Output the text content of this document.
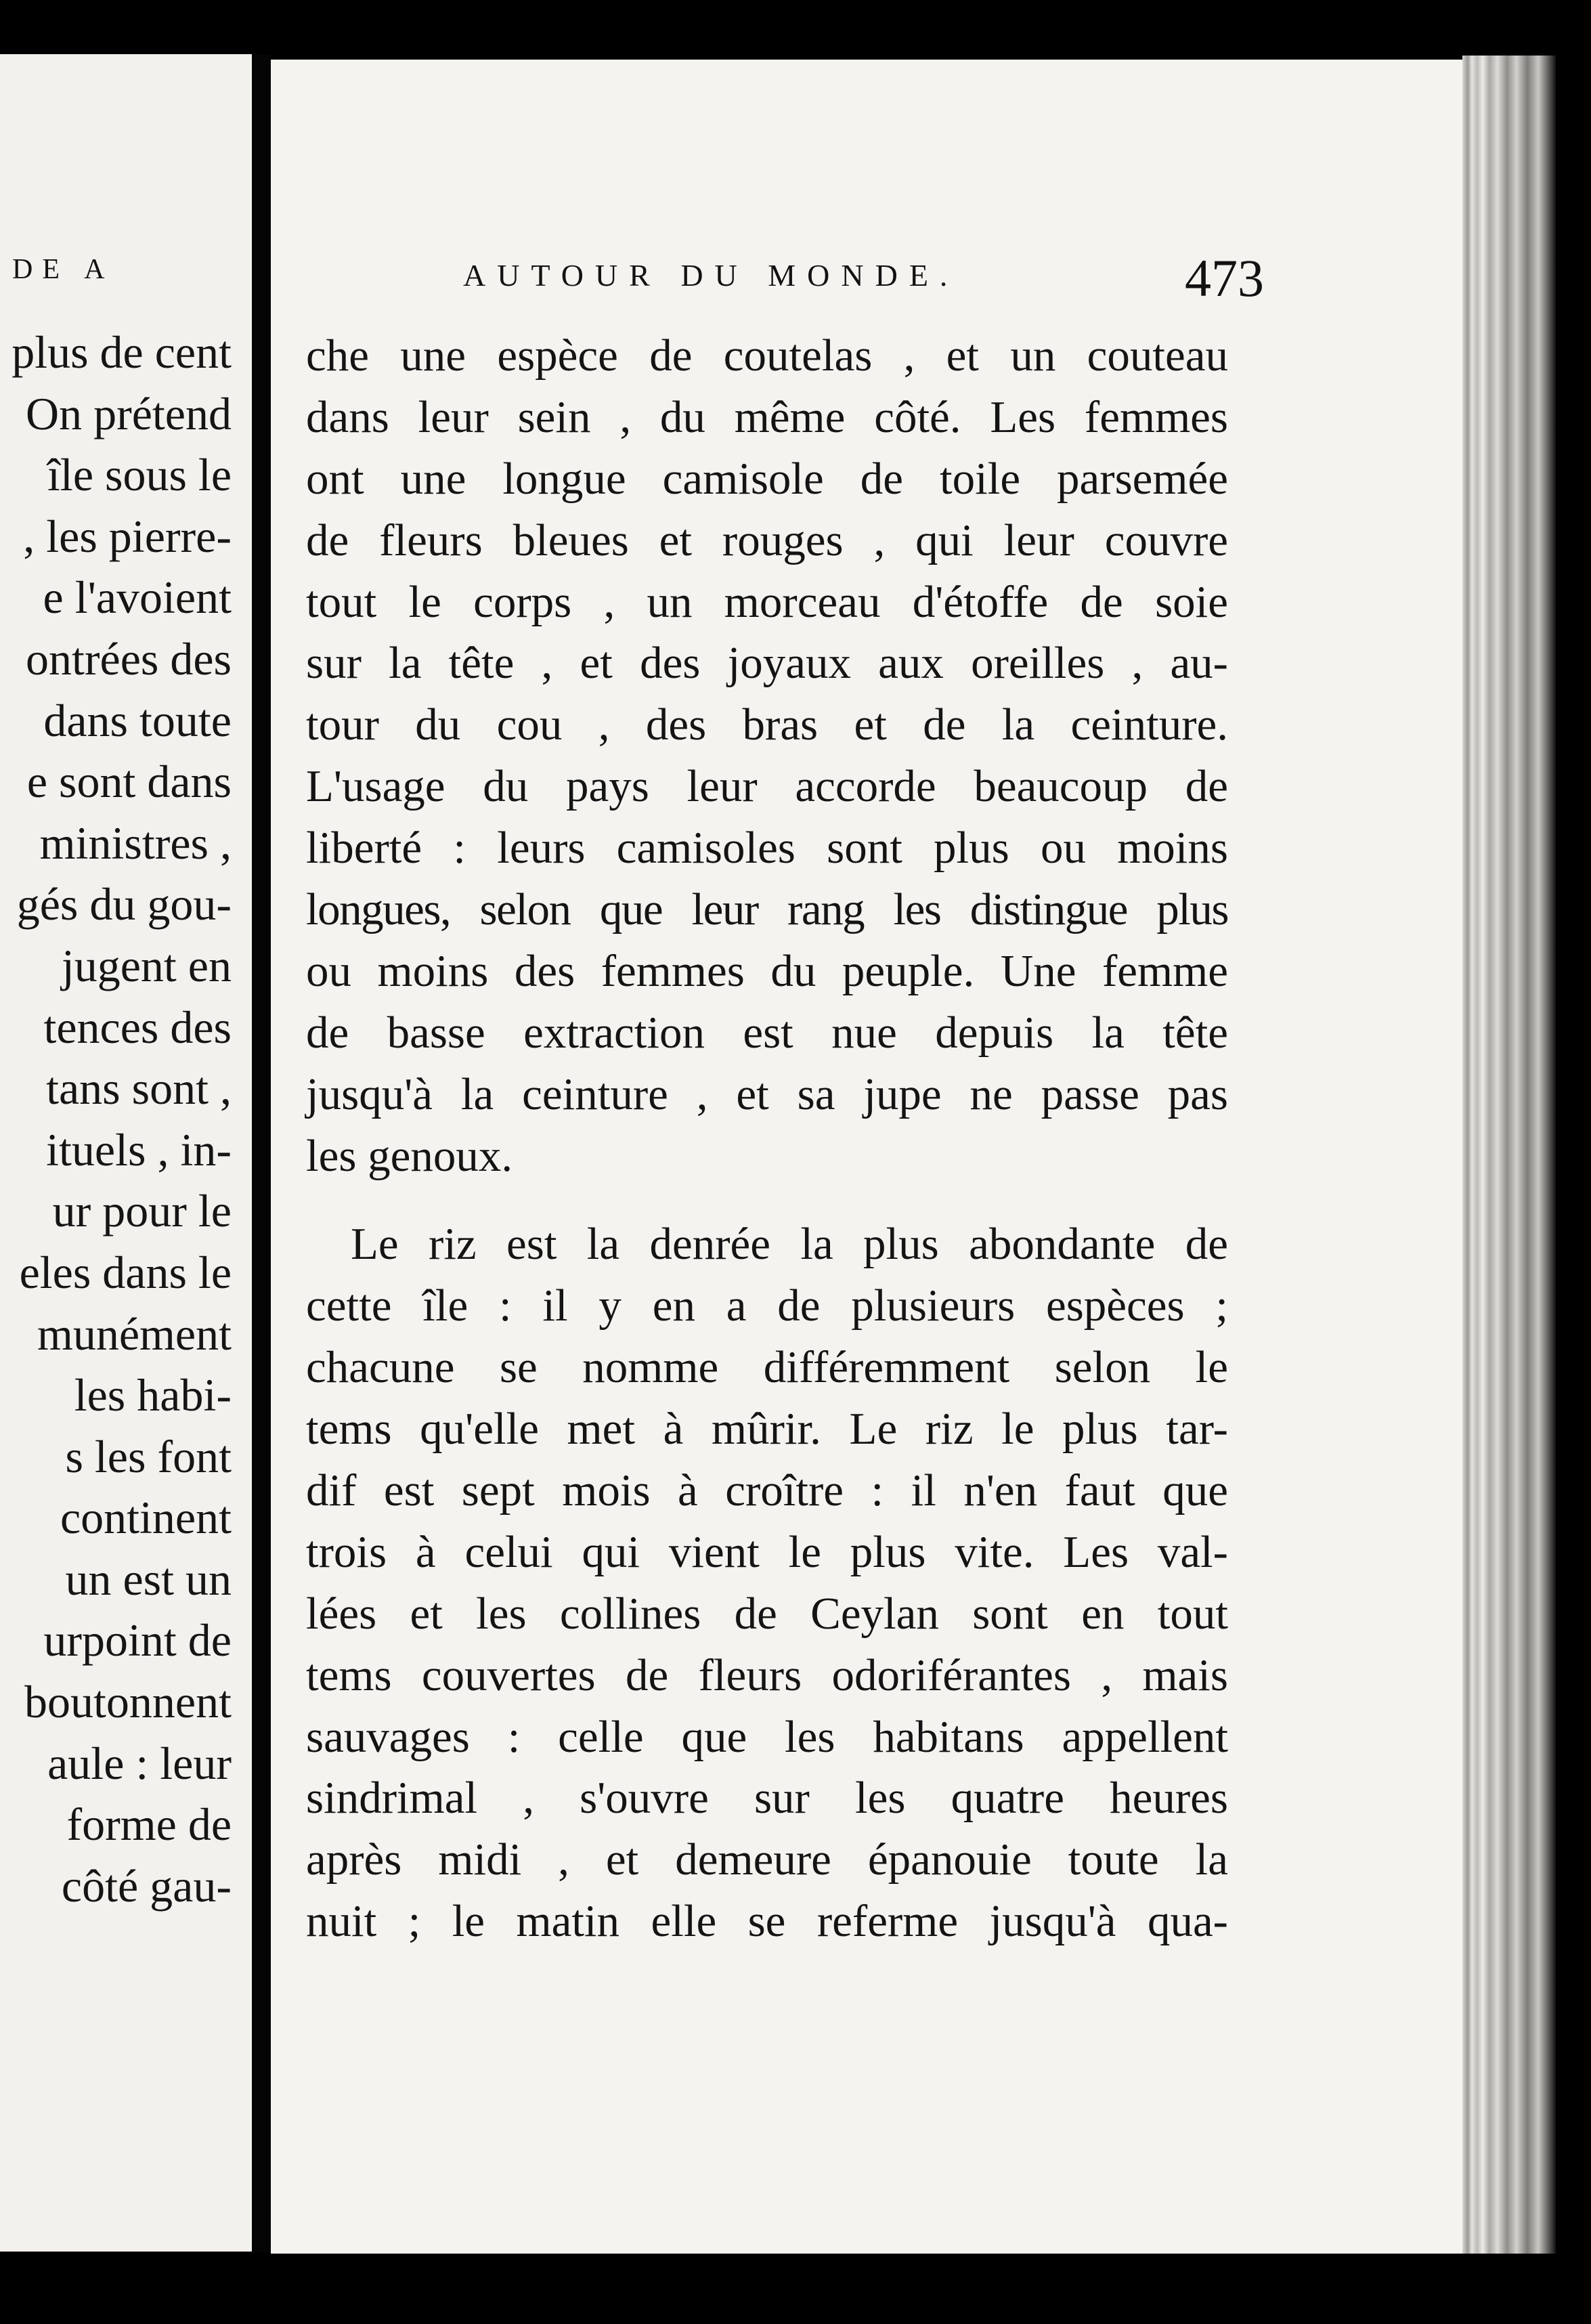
DE A
plus de cent
On prétend
île sous le
, les pierre-
e l'avoient
ontrées des
dans toute
e sont dans
ministres ,
gés du gou-
jugent en
tences des
tans sont ,
ituels , in-
ur pour le
eles dans le
munément
les habi-
s les font
continent
un est un
urpoint de
boutonnent
aule : leur
forme de
côté gau-
AUTOUR DU MONDE.	473
che une espèce de coutelas , et un couteau
dans leur sein , du même côté. Les femmes
ont une longue camisole de toile parsemée
de fleurs bleues et rouges , qui leur couvre
tout le corps , un morceau d'étoffe de soie
sur la tête , et des joyaux aux oreilles , au-
tour du cou , des bras et de la ceinture.
L'usage du pays leur accorde beaucoup de
liberté : leurs camisoles sont plus ou moins
longues, selon que leur rang les distingue plus
ou moins des femmes du peuple. Une femme
de basse extraction est nue depuis la tête
jusqu'à la ceinture , et sa jupe ne passe pas
les genoux.
Le riz est la denrée la plus abondante de
cette île : il y en a de plusieurs espèces ;
chacune se nomme différemment selon le
tems qu'elle met à mûrir. Le riz le plus tar-
dif est sept mois à croître : il n'en faut que
trois à celui qui vient le plus vite. Les val-
lées et les collines de Ceylan sont en tout
tems couvertes de fleurs odoriférantes , mais
sauvages : celle que les habitans appellent
sindrimal , s'ouvre sur les quatre heures
après midi , et demeure épanouie toute la
nuit ; le matin elle se referme jusqu'à qua-
